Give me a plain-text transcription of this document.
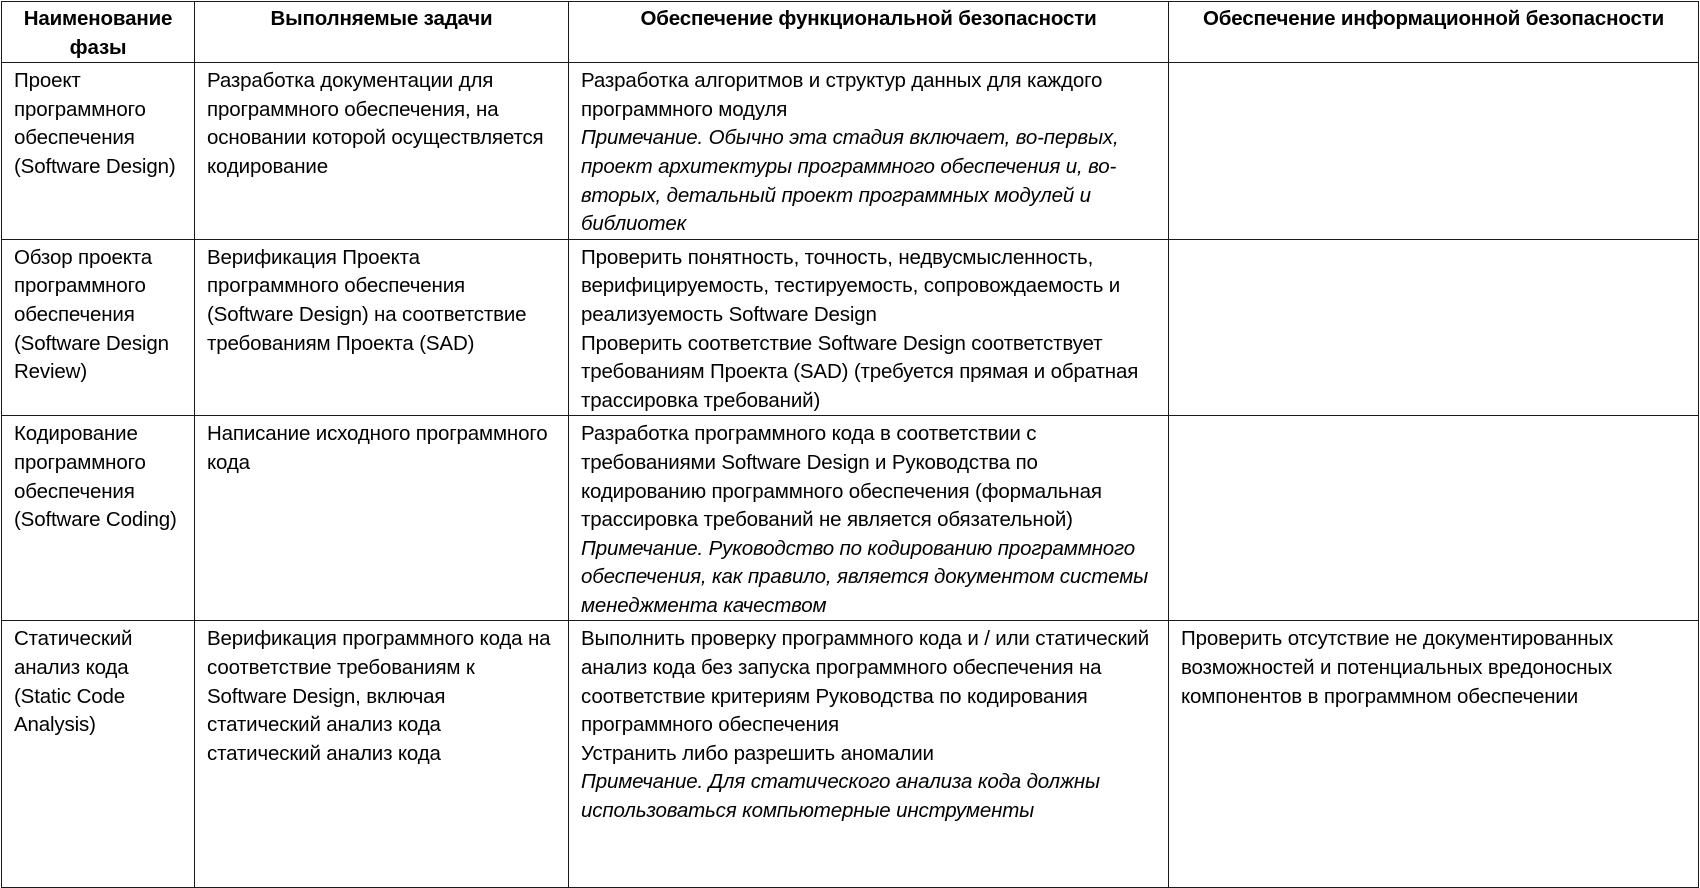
Наименование фазы	Выполняемые задачи	Обеспечение функциональной безопасности	Обеспечение информационной безопасности

Проект программного обеспечения (Software Design)	Разработка документации для программного обеспечения, на основании которой осуществляется кодирование	Разработка алгоритмов и структур данных для каждого программного модуля
Примечание. Обычно эта стадия включает, во-первых, проект архитектуры программного обеспечения и, во-вторых, детальный проект программных модулей и библиотек	

Обзор проекта программного обеспечения (Software Design Review)	Верификация Проекта программного обеспечения (Software Design) на соответствие требованиям Проекта (SAD)	Проверить понятность, точность, недвусмысленность, верифицируемость, тестируемость, сопровождаемость и реализуемость Software Design
Проверить соответствие Software Design соответствует требованиям Проекта (SAD) (требуется прямая и обратная трассировка требований)	

Кодирование программного обеспечения (Software Coding)	Написание исходного программного кода	Разработка программного кода в соответствии с требованиями Software Design и Руководства по кодированию программного обеспечения (формальная трассировка требований не является обязательной)
Примечание. Руководство по кодированию программного обеспечения, как правило, является документом системы менеджмента качеством	

Статический анализ кода (Static Code Analysis)	Верификация программного кода на соответствие требованиям к Software Design, включая статический анализ кода статический анализ кода	Выполнить проверку программного кода и / или статический анализ кода без запуска программного обеспечения на соответствие критериям Руководства по кодирования программного обеспечения
Устранить либо разрешить аномалии
Примечание. Для статического анализа кода должны использоваться компьютерные инструменты	Проверить отсутствие не документированных возможностей и потенциальных вредоносных компонентов в программном обеспечении
